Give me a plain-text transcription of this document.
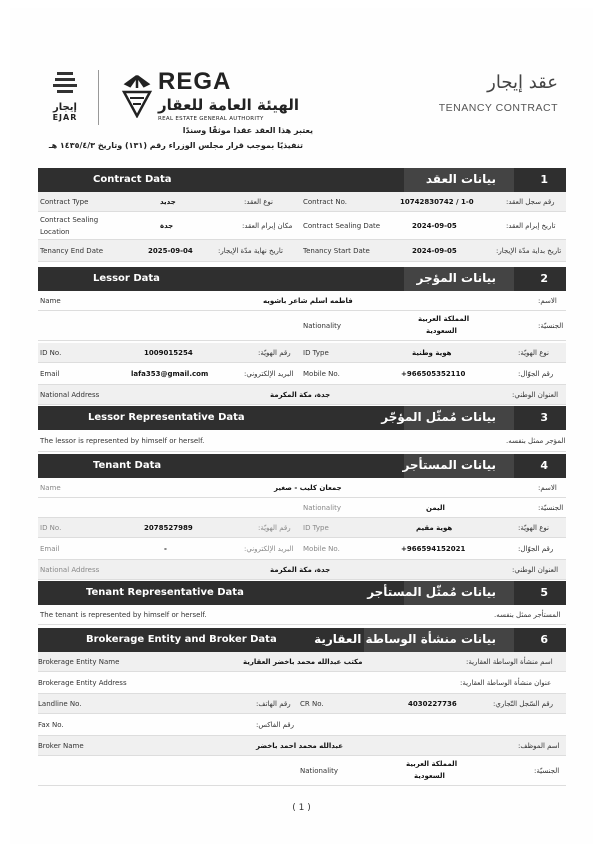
إيجار
EJAR
REGA
الهيئة العامة للعقار
REAL ESTATE GENERAL AUTHORITY
عقد إيجار
TENANCY CONTRACT
يعتبر هذا العقد عقدا موثقًا وسندًا
تنفيذيًا بموجب قرار مجلس الوزراء رقم (١٣١) وتاريخ ١٤٣٥/٤/٣ هـ
Contract Data	بيانات العقد	1
Contract Type	جديد	نوع العقد:	Contract No.	10742830742 / 1-0	رقم سجل العقد:
Contract Sealing
Location
جدة	مكان إبرام العقد: Contract Sealing Date	2024-09-05	تاريخ إبرام العقد:
Tenancy End Date	2025-09-04	تاريخ نهاية مدّة الإيجار:	Tenancy Start Date	2024-09-05	تاريخ بداية مدّة الإيجار:
Lessor Data	بيانات المؤجر	2
Name	فاطمه اسلم شاعر باشويه	الاسم:
Nationality
المملكة العربية
السعودية
الجنسيّة:
ID No.	1009015254	رقم الهويّة: ID Type	هوية وطنية	نوع الهويّة:
Email	lafa353@gmail.com	البريد الإلكتروني: Mobile No.	+966505352110	رقم الجوّال:
National Address	جدة، مكة المكرمة	العنوان الوطني:
Lessor Representative Data	بيانات مُمثّل المؤجّر	3
The lessor is represented by himself or herself.	المؤجر ممثل بنفسه.
Tenant Data	بيانات المستأجر	4
Name	جمعان كليب - صغير	الاسم:
Nationality	اليمن	الجنسيّة:
ID No.	2078527989	رقم الهويّة: ID Type	هوية مقيم	نوع الهويّة:
Email	-	البريد الإلكتروني: Mobile No.	+966594152021	رقم الجوّال:
National Address	جدة، مكة المكرمة	العنوان الوطني:
Tenant Representative Data	بيانات مُمثّل المستأجر	5
The tenant is represented by himself or herself.	المستأجر ممثل بنفسه.
Brokerage Entity and Broker Data	بيانات منشأة الوساطة العقارية	6
Brokerage Entity Name	مكتب عبدالله محمد باخضر العقارية	اسم منشأة الوساطة العقارية:
Brokerage Entity Address	عنوان منشأة الوساطة العقارية:
Landline No.	رقم الهاتف: CR No.	4030227736	رقم السّجل التّجاري:
Fax No.	رقم الفاكس:
Broker Name	عبدالله محمد احمد باخضر	اسم الموظف:
Nationality
المملكة العربية
السعودية
الجنسيّة:
( 1 )
